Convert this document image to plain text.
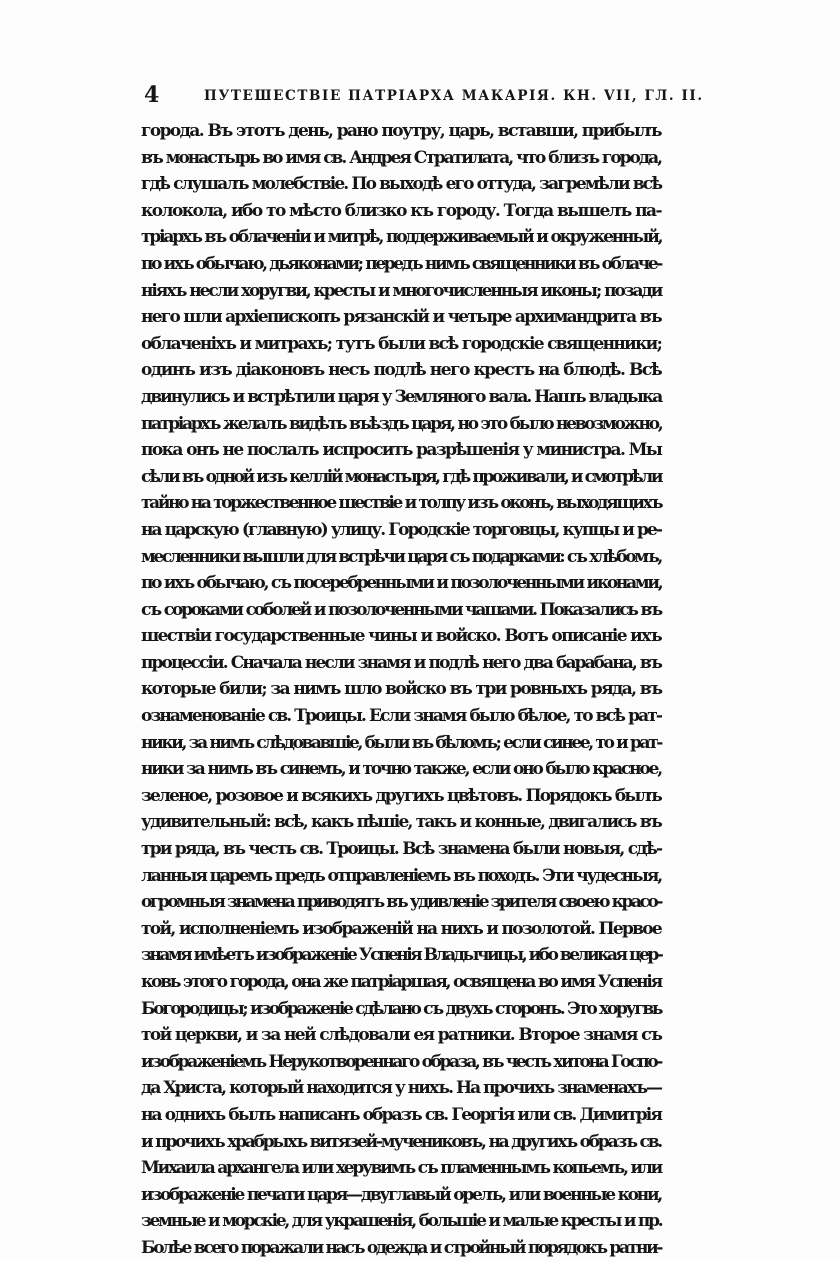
4	ПУТЕШЕСТВІЕ ПАТРІАРХА МАКАРІЯ. КН. VII, ГЛ. II.
города. Въ этотъ день, рано поутру, царь, вставши, прибылъ
въ монастырь во имя св. Андрея Стратилата, что близъ города,
гдѣ слушалъ молебствіе. По выходѣ его оттуда, загремѣли всѣ
колокола, ибо то мѣсто близко къ городу. Тогда вышелъ па-
тріархъ въ облаченіи и митрѣ, поддерживаемый и окруженный,
по ихъ обычаю, дьяконами; передъ нимъ священники въ облаче-
ніяхъ несли хоругви, кресты и многочисленныя иконы; позади
него шли архіепископъ рязанскій и четыре архимандрита въ
облаченіхъ и митрахъ; тутъ были всѣ городскіе священники;
одинъ изъ діаконовъ несъ подлѣ него крестъ на блюдѣ. Всѣ
двинулись и встрѣтили царя у Земляного вала. Нашъ владыка
патріархъ желалъ видѣть въѣздъ царя, но это было невозможно,
пока онъ не послалъ испросить разрѣшенія у министра. Мы
сѣли въ одной изъ келлій монастыря, гдѣ проживали, и смотрѣли
тайно на торжественное шествіе и толпу изъ оконъ, выходящихъ
на царскую (главную) улицу. Городскіе торговцы, купцы и ре-
месленники вышли для встрѣчи царя съ подарками: съ хлѣбомъ,
по ихъ обычаю, съ посеребренными и позолоченными иконами,
съ сороками соболей и позолоченными чашами. Показались въ
шествіи государственные чины и войско. Вотъ описаніе ихъ
процессіи. Сначала несли знамя и подлѣ него два барабана, въ
которые били; за нимъ шло войско въ три ровныхъ ряда, въ
ознаменованіе св. Троицы. Если знамя было бѣлое, то всѣ рат-
ники, за нимъ слѣдовавшіе, были въ бѣломъ; если синее, то и рат-
ники за нимъ въ синемъ, и точно также, если оно было красное,
зеленое, розовое и всякихъ другихъ цвѣтовъ. Порядокъ былъ
удивительный: всѣ, какъ пѣшіе, такъ и конные, двигались въ
три ряда, въ честь св. Троицы. Всѣ знамена были новыя, сдѣ-
ланныя царемъ предъ отправленіемъ въ походъ. Эти чудесныя,
огромныя знамена приводятъ въ удивленіе зрителя своею красо-
той, исполненіемъ изображеній на нихъ и позолотой. Первое
знамя имѣетъ изображеніе Успенія Владычицы, ибо великая цер-
ковь этого города, она же патріаршая, освящена во имя Успенія
Богородицы; изображеніе сдѣлано съ двухъ сторонъ. Это хоругвь
той церкви, и за ней слѣдовали ея ратники. Второе знамя съ
изображеніемъ Нерукотвореннаго образа, въ честь хитона Госпо-
да Христа, который находится у нихъ. На прочихъ знаменахъ—
на однихъ былъ написанъ образъ св. Георгія или св. Димитрія
и прочихъ храбрыхъ витязей-мучениковъ, на другихъ образъ св.
Михаила архангела или херувимъ съ пламеннымъ копьемъ, или
изображеніе печати царя—двуглавый орелъ, или военные кони,
земные и морскіе, для украшенія, большіе и малые кресты и пр.
Болѣе всего поражали насъ одежда и стройный порядокъ ратни-
